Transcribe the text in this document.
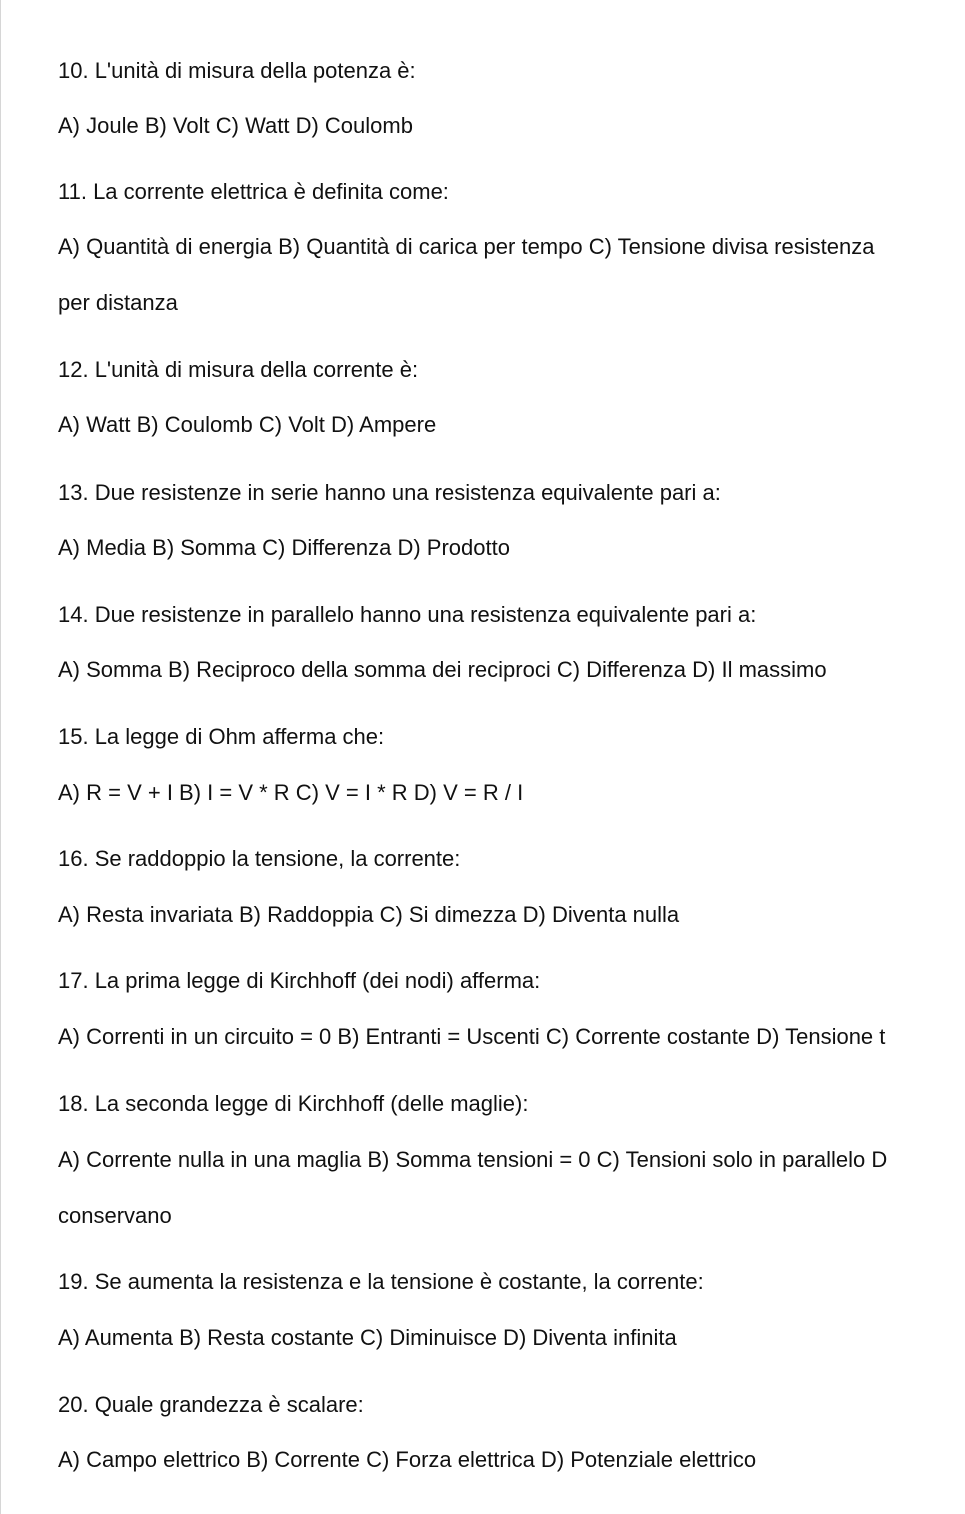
10. L'unità di misura della potenza è:
A) Joule B) Volt C) Watt D) Coulomb
11. La corrente elettrica è definita come:
A) Quantità di energia B) Quantità di carica per tempo C) Tensione divisa resistenza
per distanza
12. L'unità di misura della corrente è:
A) Watt B) Coulomb C) Volt D) Ampere
13. Due resistenze in serie hanno una resistenza equivalente pari a:
A) Media B) Somma C) Differenza D) Prodotto
14. Due resistenze in parallelo hanno una resistenza equivalente pari a:
A) Somma B) Reciproco della somma dei reciproci C) Differenza D) Il massimo
15. La legge di Ohm afferma che:
A) R = V + I B) I = V * R C) V = I * R D) V = R / I
16. Se raddoppio la tensione, la corrente:
A) Resta invariata B) Raddoppia C) Si dimezza D) Diventa nulla
17. La prima legge di Kirchhoff (dei nodi) afferma:
A) Correnti in un circuito = 0 B) Entranti = Uscenti C) Corrente costante D) Tensione t
18. La seconda legge di Kirchhoff (delle maglie):
A) Corrente nulla in una maglia B) Somma tensioni = 0 C) Tensioni solo in parallelo D
conservano
19. Se aumenta la resistenza e la tensione è costante, la corrente:
A) Aumenta B) Resta costante C) Diminuisce D) Diventa infinita
20. Quale grandezza è scalare:
A) Campo elettrico B) Corrente C) Forza elettrica D) Potenziale elettrico
